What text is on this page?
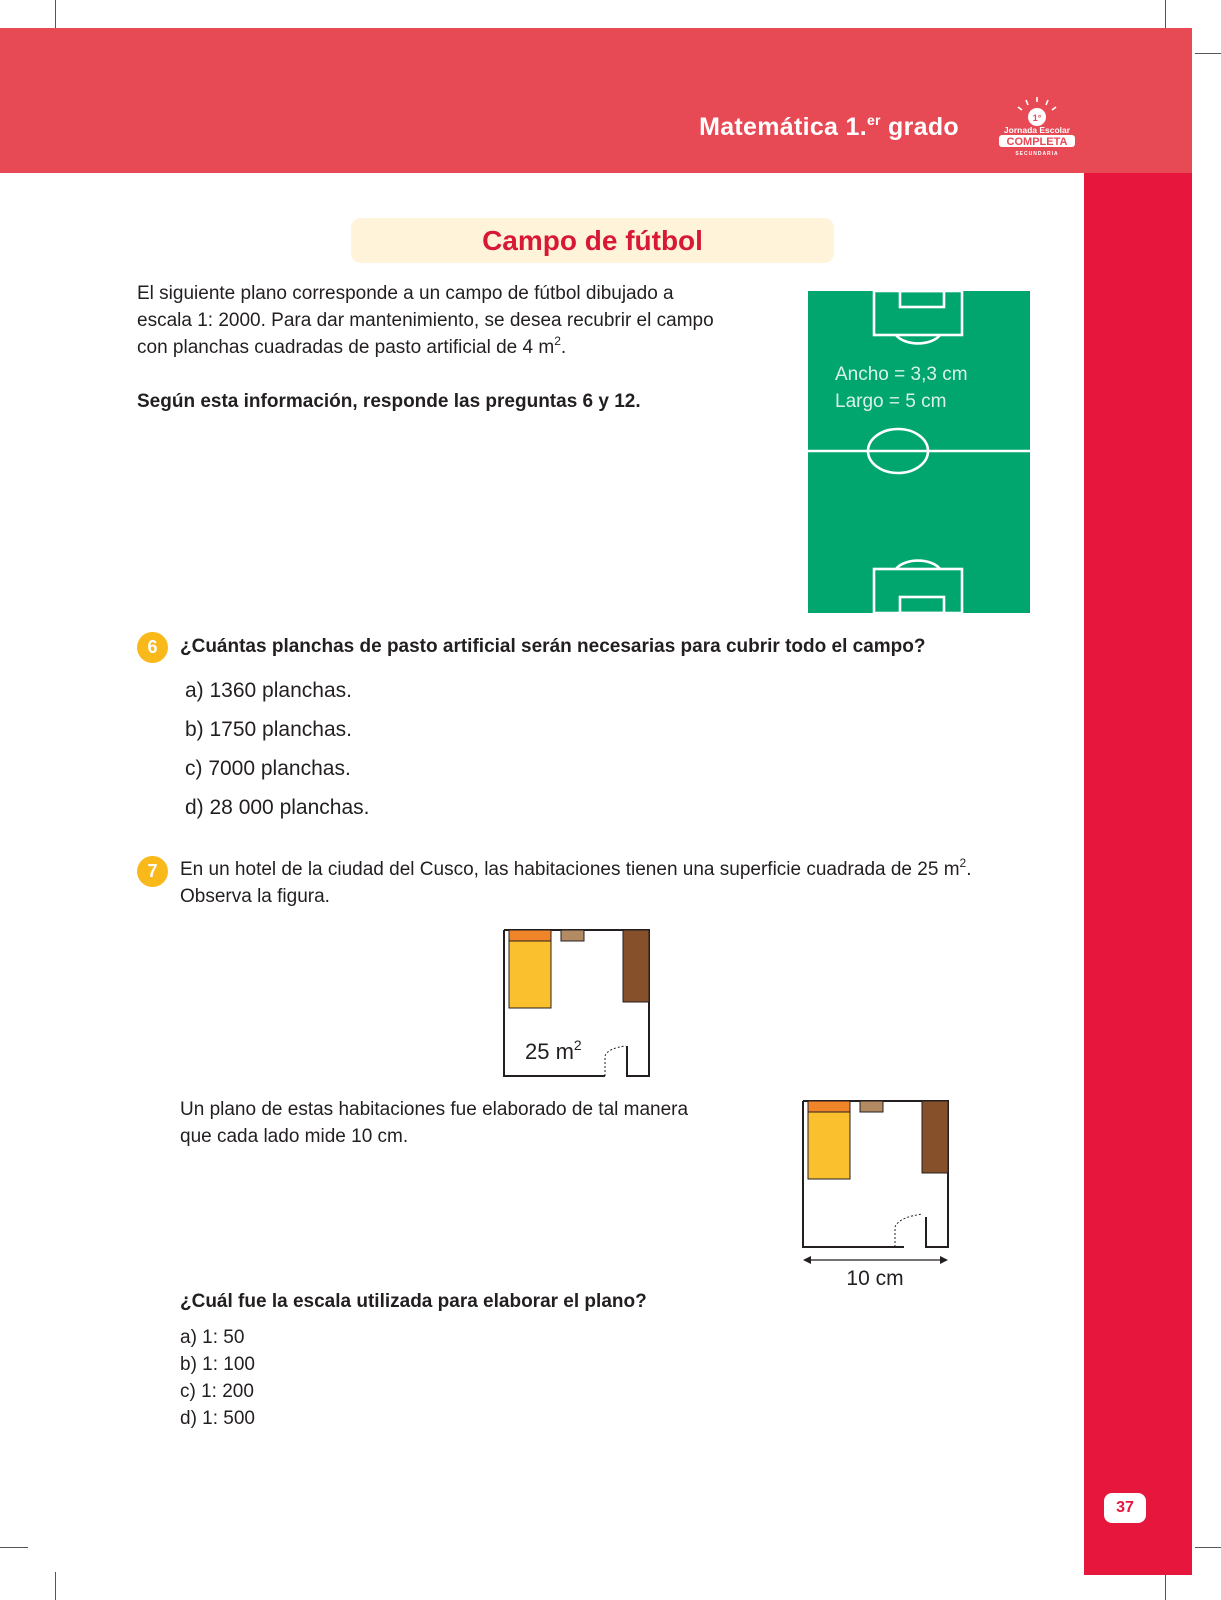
Matemática 1.$^{er}$ grado	1°
Jornada Escolar
COMPLETA
SECUNDARIA
37
Campo de fútbol
El siguiente plano corresponde a un campo de fútbol dibujado a
escala 1: 2000. Para dar mantenimiento, se desea recubrir el campo
con planchas cuadradas de pasto artificial de 4 $m^2$.
Según esta información, responde las preguntas 6 y 12.
Ancho = 3,3 cm
Largo = 5 cm
6	¿Cuántas planchas de pasto artificial serán necesarias para cubrir todo el campo?
a) 1360 planchas.
b) 1750 planchas.
c) 7000 planchas.
d) 28 000 planchas.
7	En un hotel de la ciudad del Cusco, las habitaciones tienen una superficie cuadrada de 25 $m^2$.
Observa la figura.
25 $m^2$
Un plano de estas habitaciones fue elaborado de tal manera
que cada lado mide 10 cm.
10 cm
¿Cuál fue la escala utilizada para elaborar el plano?
a) 1: 50
b) 1: 100
c) 1: 200
d) 1: 500
